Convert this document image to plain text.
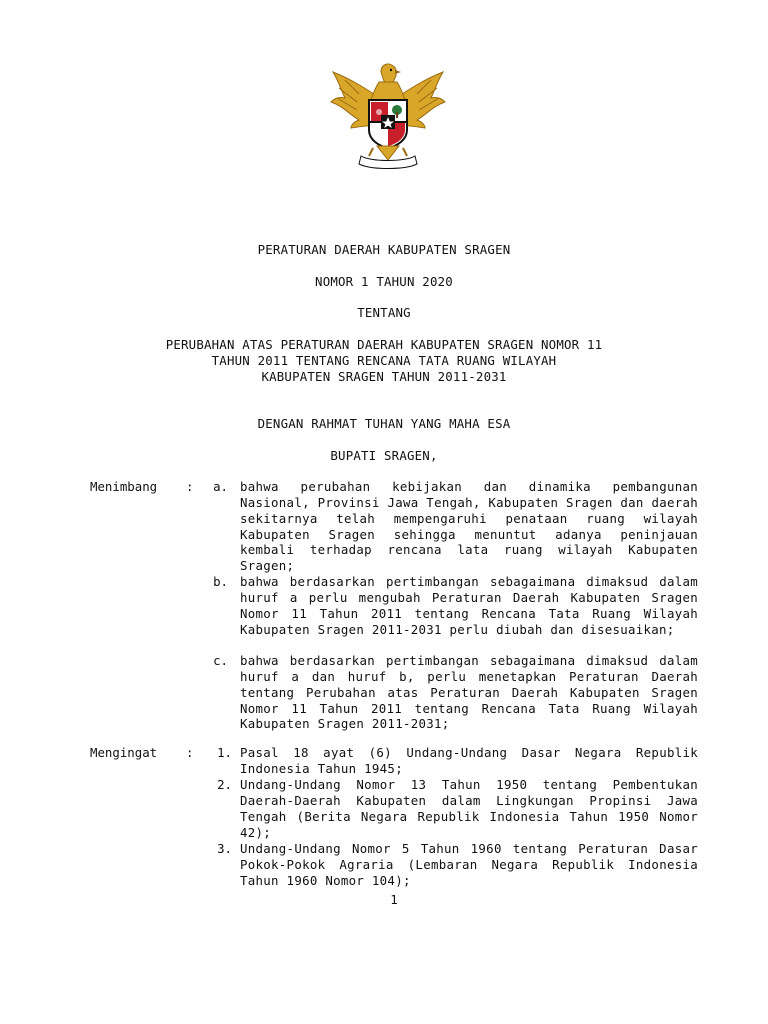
PERATURAN DAERAH KABUPATEN SRAGEN
NOMOR 1 TAHUN 2020
TENTANG
PERUBAHAN ATAS PERATURAN DAERAH KABUPATEN SRAGEN NOMOR 11
TAHUN 2011 TENTANG RENCANA TATA RUANG WILAYAH
KABUPATEN SRAGEN TAHUN 2011-2031
DENGAN RAHMAT TUHAN YANG MAHA ESA
BUPATI SRAGEN,
Menimbang :	a. bahwa perubahan kebijakan dan dinamika pembangunan Nasional, Provinsi Jawa Tengah, Kabupaten Sragen dan daerah sekitarnya telah mempengaruhi penataan ruang wilayah Kabupaten Sragen sehingga menuntut adanya peninjauan kembali terhadap rencana lata ruang wilayah Kabupaten Sragen;
b. bahwa berdasarkan pertimbangan sebagaimana dimaksud dalam huruf a perlu mengubah Peraturan Daerah Kabupaten Sragen Nomor 11 Tahun 2011 tentang Rencana Tata Ruang Wilayah Kabupaten Sragen 2011-2031 perlu diubah dan disesuaikan;
c. bahwa berdasarkan pertimbangan sebagaimana dimaksud dalam huruf a dan huruf b, perlu menetapkan Peraturan Daerah tentang Perubahan atas Peraturan Daerah Kabupaten Sragen Nomor 11 Tahun 2011 tentang Rencana Tata Ruang Wilayah Kabupaten Sragen 2011-2031;
Mengingat :	1. Pasal 18 ayat (6) Undang-Undang Dasar Negara Republik Indonesia Tahun 1945;
2. Undang-Undang Nomor 13 Tahun 1950 tentang Pembentukan Daerah-Daerah Kabupaten dalam Lingkungan Propinsi Jawa Tengah (Berita Negara Republik Indonesia Tahun 1950 Nomor 42);
3. Undang-Undang Nomor 5 Tahun 1960 tentang Peraturan Dasar Pokok-Pokok Agraria (Lembaran Negara Republik Indonesia Tahun 1960 Nomor 104);
1
